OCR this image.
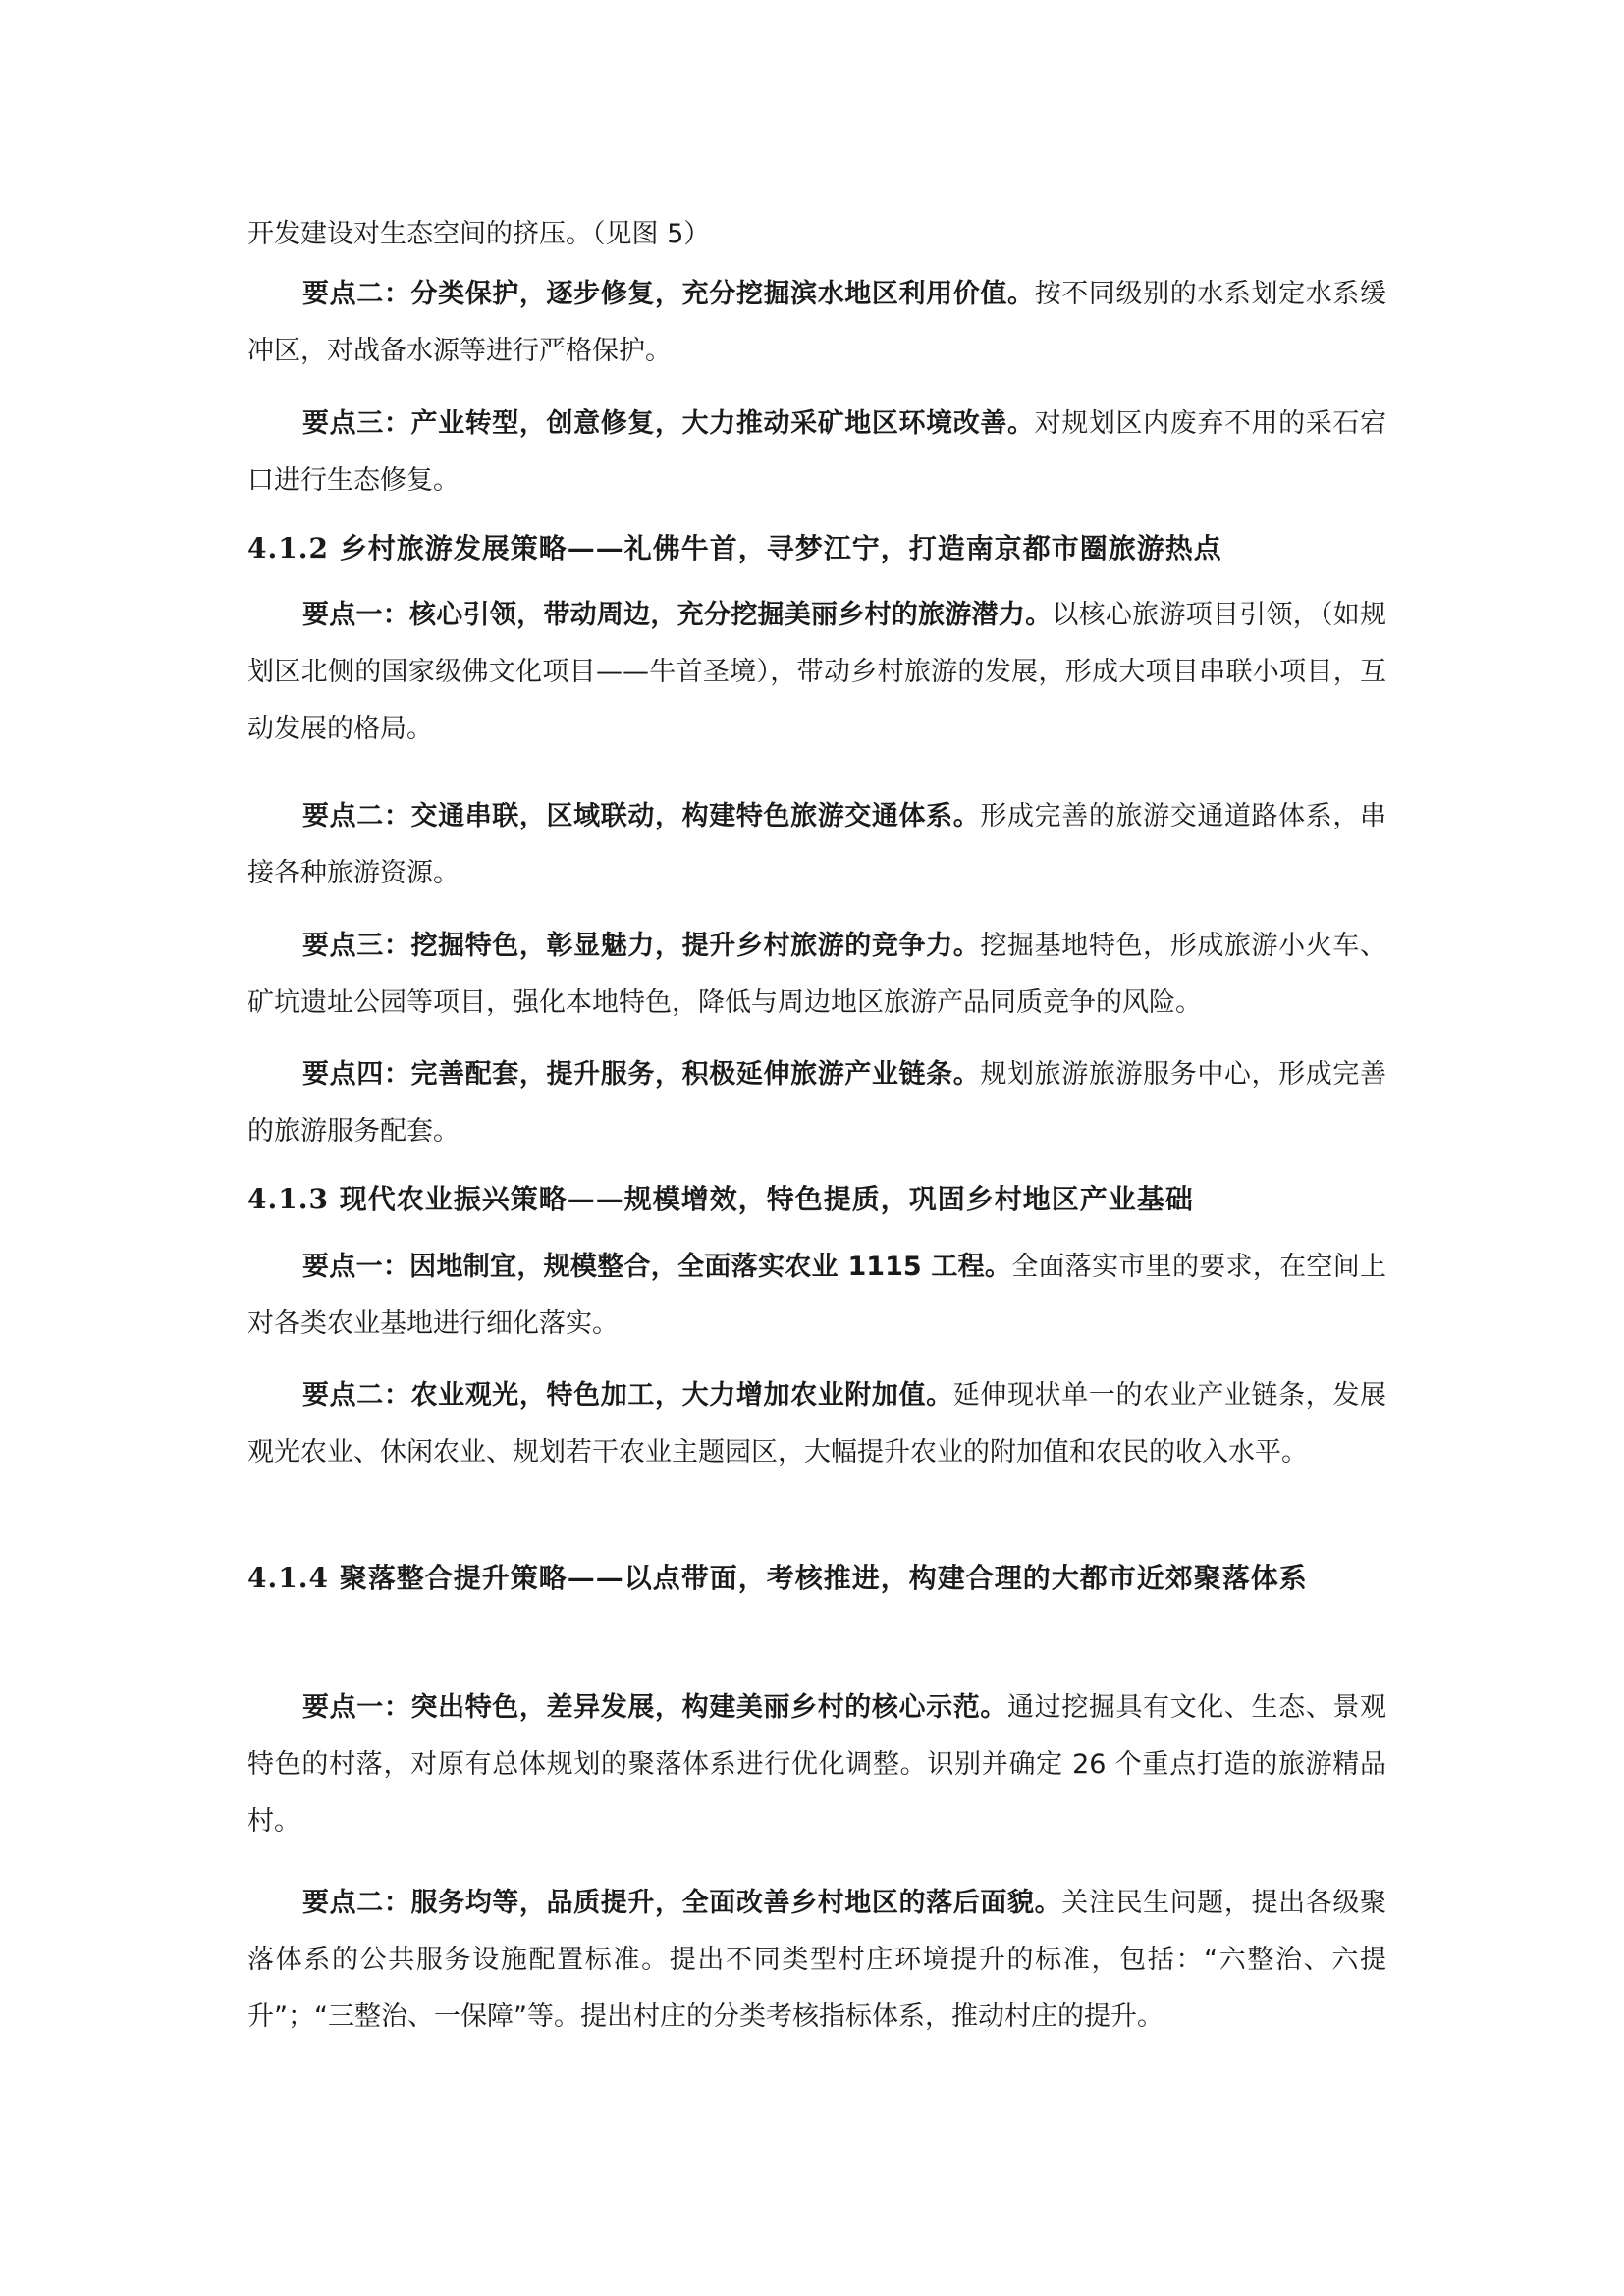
开发建设对生态空间的挤压。（见图 5）

要点二：分类保护，逐步修复，充分挖掘滨水地区利用价值。按不同级别的水系划定水系缓冲区，对战备水源等进行严格保护。

要点三：产业转型，创意修复，大力推动采矿地区环境改善。对规划区内废弃不用的采石宕口进行生态修复。

4.1.2 乡村旅游发展策略——礼佛牛首，寻梦江宁，打造南京都市圈旅游热点

要点一：核心引领，带动周边，充分挖掘美丽乡村的旅游潜力。以核心旅游项目引领，（如规划区北侧的国家级佛文化项目——牛首圣境），带动乡村旅游的发展，形成大项目串联小项目，互动发展的格局。

要点二：交通串联，区域联动，构建特色旅游交通体系。形成完善的旅游交通道路体系，串接各种旅游资源。

要点三：挖掘特色，彰显魅力，提升乡村旅游的竞争力。挖掘基地特色，形成旅游小火车、矿坑遗址公园等项目，强化本地特色，降低与周边地区旅游产品同质竞争的风险。

要点四：完善配套，提升服务，积极延伸旅游产业链条。规划旅游旅游服务中心，形成完善的旅游服务配套。

4.1.3 现代农业振兴策略——规模增效，特色提质，巩固乡村地区产业基础

要点一：因地制宜，规模整合，全面落实农业 1115 工程。全面落实市里的要求，在空间上对各类农业基地进行细化落实。

要点二：农业观光，特色加工，大力增加农业附加值。延伸现状单一的农业产业链条，发展观光农业、休闲农业、规划若干农业主题园区，大幅提升农业的附加值和农民的收入水平。

4.1.4 聚落整合提升策略——以点带面，考核推进，构建合理的大都市近郊聚落体系

要点一：突出特色，差异发展，构建美丽乡村的核心示范。通过挖掘具有文化、生态、景观特色的村落，对原有总体规划的聚落体系进行优化调整。识别并确定 26 个重点打造的旅游精品村。

要点二：服务均等，品质提升，全面改善乡村地区的落后面貌。关注民生问题，提出各级聚落体系的公共服务设施配置标准。提出不同类型村庄环境提升的标准，包括：“六整治、六提升”；“三整治、一保障”等。提出村庄的分类考核指标体系，推动村庄的提升。
